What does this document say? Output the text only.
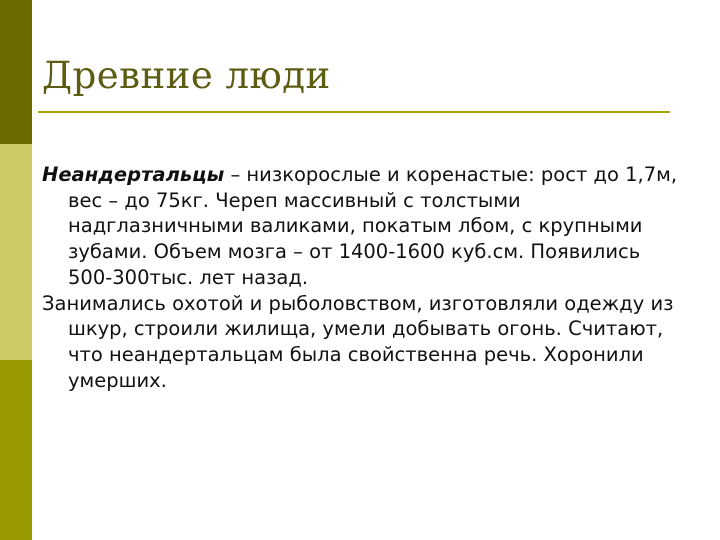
Древние люди

Неандертальцы – низкорослые и коренастые: рост до 1,7м, вес – до 75кг. Череп массивный с толстыми надглазничными валиками, покатым лбом, с крупными зубами. Объем мозга – от 1400-1600 куб.см. Появились 500-300тыс. лет назад.

Занимались охотой и рыболовством, изготовляли одежду из шкур, строили жилища, умели добывать огонь. Считают, что неандертальцам была свойственна речь. Хоронили умерших.
